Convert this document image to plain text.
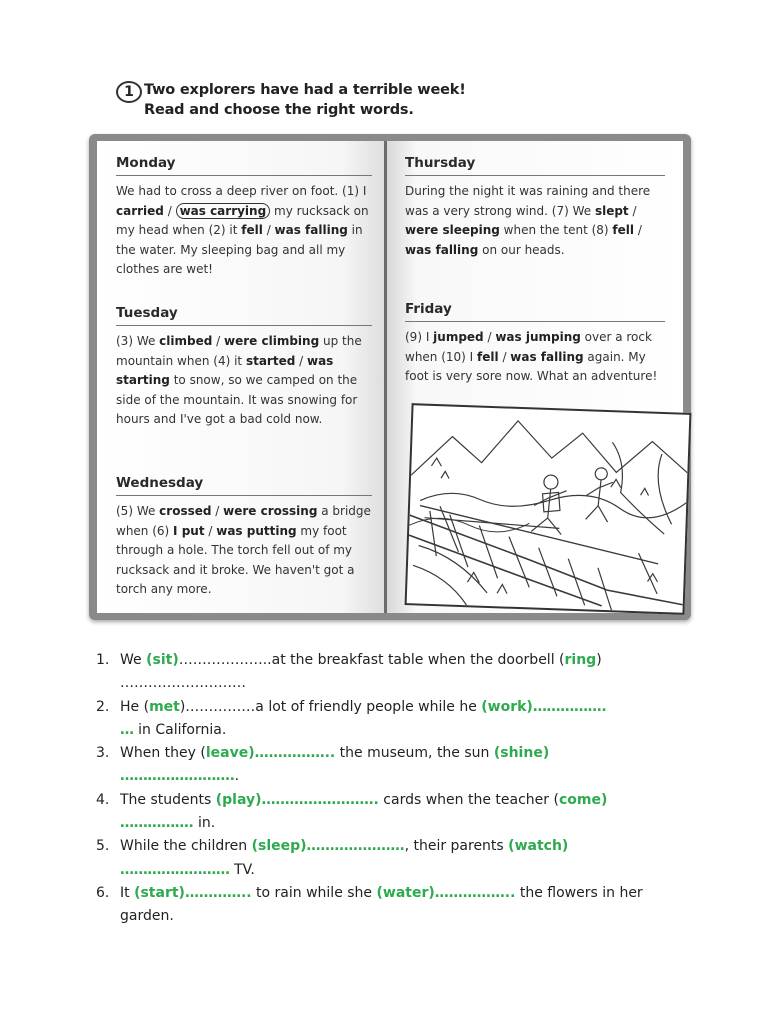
1 Two explorers have had a terrible week!
Read and choose the right words.
Monday

We had to cross a deep river on foot. (1) I carried / was carrying my rucksack on my head when (2) it fell / was falling in the water. My sleeping bag and all my clothes are wet!

Tuesday

(3) We climbed / were climbing up the mountain when (4) it started / was starting to snow, so we camped on the side of the mountain. It was snowing for hours and I've got a bad cold now.

Wednesday

(5) We crossed / were crossing a bridge when (6) I put / was putting my foot through a hole. The torch fell out of my rucksack and it broke. We haven't got a torch any more.

Thursday

During the night it was raining and there was a very strong wind. (7) We slept / were sleeping when the tent (8) fell / was falling on our heads.

Friday

(9) I jumped / was jumping over a rock when (10) I fell / was falling again. My foot is very sore now. What an adventure!

1. We (sit)………………..at the breakfast table when the doorbell (ring)
………………………
2. He (met)……………a lot of friendly people while he (work)…………….
… in California.
3. When they (leave)…………….. the museum, the sun (shine)
……………………..
4. The students (play)……………………. cards when the teacher (come)
……………. in.
5. While the children (sleep)…………………, their parents (watch)
…………………… TV.
6. It (start)………….. to rain while she (water)…………….. the flowers in her garden.
